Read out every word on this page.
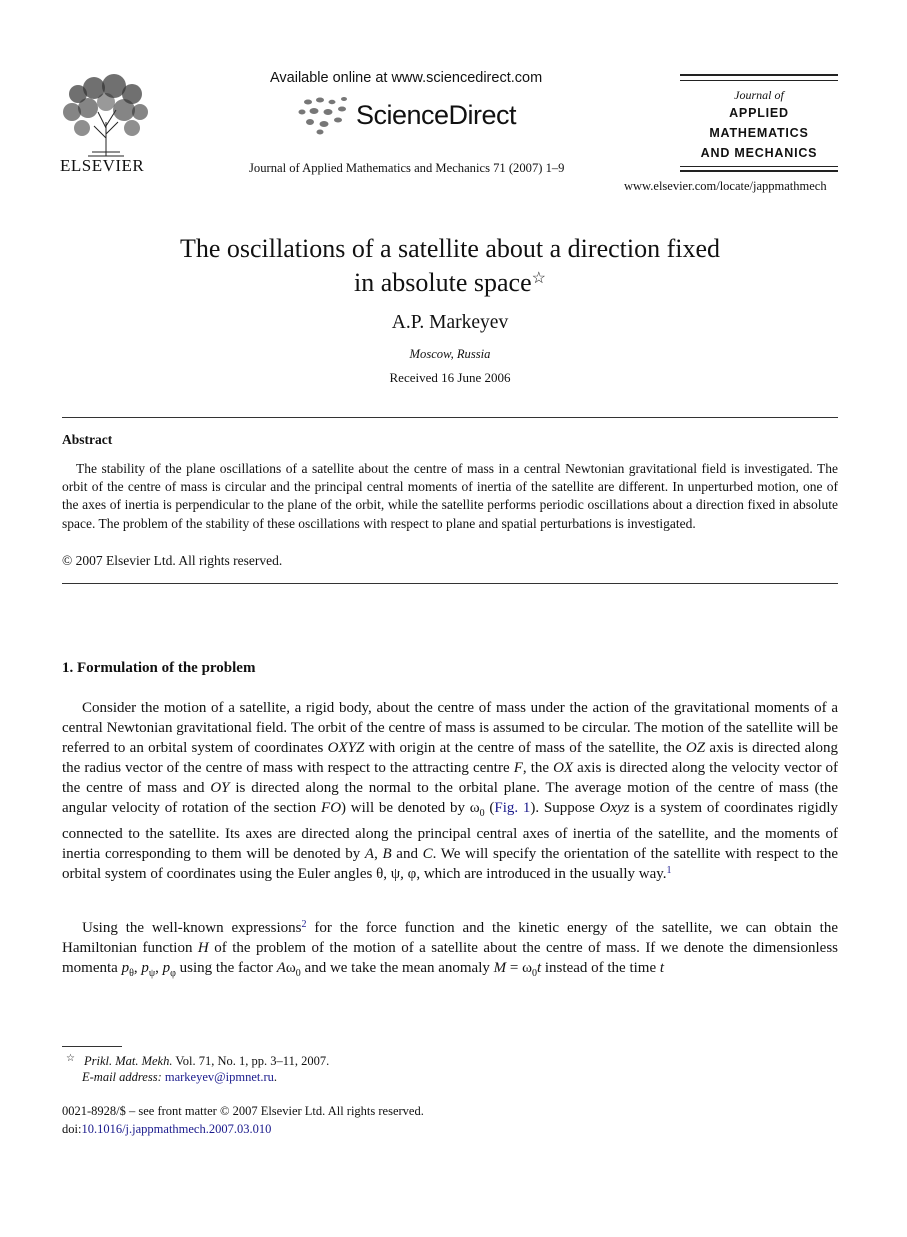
ELSEVIER
Available online at www.sciencedirect.com
ScienceDirect
Journal of Applied Mathematics and Mechanics 71 (2007) 1–9
Journal of
APPLIED
MATHEMATICS
AND MECHANICS
www.elsevier.com/locate/jappmathmech
The oscillations of a satellite about a direction fixed
in absolute space☆
A.P. Markeyev
Moscow, Russia
Received 16 June 2006
Abstract
The stability of the plane oscillations of a satellite about the centre of mass in a central Newtonian gravitational field is investigated. The orbit of the centre of mass is circular and the principal central moments of inertia of the satellite are different. In unperturbed motion, one of the axes of inertia is perpendicular to the plane of the orbit, while the satellite performs periodic oscillations about a direction fixed in absolute space. The problem of the stability of these oscillations with respect to plane and spatial perturbations is investigated.
© 2007 Elsevier Ltd. All rights reserved.
1. Formulation of the problem
Consider the motion of a satellite, a rigid body, about the centre of mass under the action of the gravitational moments of a central Newtonian gravitational field. The orbit of the centre of mass is assumed to be circular. The motion of the satellite will be referred to an orbital system of coordinates OXYZ with origin at the centre of mass of the satellite, the OZ axis is directed along the radius vector of the centre of mass with respect to the attracting centre F, the OX axis is directed along the velocity vector of the centre of mass and OY is directed along the normal to the orbital plane. The average motion of the centre of mass (the angular velocity of rotation of the section FO) will be denoted by $\omega_0$ (Fig. 1). Suppose Oxyz is a system of coordinates rigidly connected to the satellite. Its axes are directed along the principal central axes of inertia of the satellite, and the moments of inertia corresponding to them will be denoted by A, B and C. We will specify the orientation of the satellite with respect to the orbital system of coordinates using the Euler angles θ, ψ, φ, which are introduced in the usually way.$^1$
Using the well-known expressions$^2$ for the force function and the kinetic energy of the satellite, we can obtain the Hamiltonian function H of the problem of the motion of a satellite about the centre of mass. If we denote the dimensionless momenta $p_\theta$, $p_\psi$, $p_\varphi$ using the factor $A\omega_0$ and we take the mean anomaly $M = \omega_0t$ instead of the time t
☆ Prikl. Mat. Mekh. Vol. 71, No. 1, pp. 3–11, 2007.
E-mail address: markeyev@ipmnet.ru.
0021-8928/$ – see front matter © 2007 Elsevier Ltd. All rights reserved.
doi:10.1016/j.jappmathmech.2007.03.010
